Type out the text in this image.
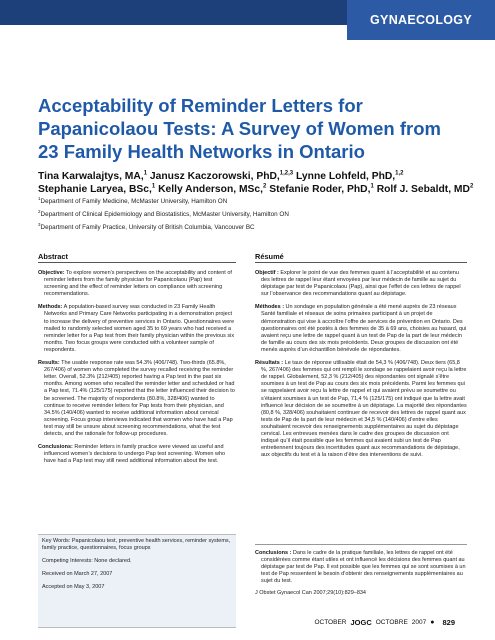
GYNAECOLOGY
Acceptability of Reminder Letters for
Papanicolaou Tests: A Survey of Women from
23 Family Health Networks in Ontario
Tina Karwalajtys, MA,$^1$ Janusz Kaczorowski, PhD,$^{1,2,3}$ Lynne Lohfeld, PhD,$^{1,2}$
Stephanie Laryea, BSc,$^1$ Kelly Anderson, MSc,$^2$ Stefanie Roder, PhD,$^1$ Rolf J. Sebaldt, $MD^2$
$^1$Department of Family Medicine, McMaster University, Hamilton ON
$^2$Department of Clinical Epidemiology and Biostatistics, McMaster University, Hamilton ON
$^3$Department of Family Practice, University of British Columbia, Vancouver BC
Abstract	Résumé

Objective: To explore women’s perspectives on the acceptability and content of reminder letters from the family physician for Papanicolaou (Pap) test screening and the effect of reminder letters on compliance with screening recommendations.

Methods: A population-based survey was conducted in 23 Family Health Networks and Primary Care Networks participating in a demonstration project to increase the delivery of preventive services in Ontario. Questionnaires were mailed to randomly selected women aged 35 to 69 years who had received a reminder letter for a Pap test from their family physician within the previous six months. Two focus groups were conducted with a volunteer sample of respondents.

Results: The usable response rate was 54.3% (406/748). Two-thirds (65.8%, 267/406) of women who completed the survey recalled receiving the reminder letter. Overall, 52.3% (212/405) reported having a Pap test in the past six months. Among women who recalled the reminder letter and scheduled or had a Pap test, 71.4% (125/175) reported that the letter influenced their decision to be screened. The majority of respondents (80.8%, 328/406) wanted to continue to receive reminder letters for Pap tests from their physician, and 34.5% (140/406) wanted to receive additional information about cervical screening. Focus group interviews indicated that women who have had a Pap test may still be unsure about screening recommendations, what the test detects, and the rationale for follow-up procedures.

Conclusions: Reminder letters in family practice were viewed as useful and influenced women’s decisions to undergo Pap test screening. Women who have had a Pap test may still need additional information about the test.

Key Words: Papanicolaou test, preventive health services, reminder systems, family practice, questionnaires, focus groups

Competing Interests: None declared.

Received on March 27, 2007

Accepted on May 3, 2007

Objectif : Explorer le point de vue des femmes quant à l’acceptabilité et au contenu des lettres de rappel leur étant envoyées par leur médecin de famille au sujet du dépistage par test de Papanicolaou (Pap), ainsi que l’effet de ces lettres de rappel sur l’observance des recommandations quant au dépistage.

Méthodes : Un sondage en population générale a été mené auprès de 23 réseaux Santé familiale et réseaux de soins primaires participant à un projet de démonstration qui vise à accroître l’offre de services de prévention en Ontario. Des questionnaires ont été postés à des femmes de 35 à 69 ans, choisies au hasard, qui avaient reçu une lettre de rappel quant à un test de Pap de la part de leur médecin de famille au cours des six mois précédents. Deux groupes de discussion ont été menés auprès d’un échantillon bénévole de répondantes.

Résultats : Le taux de réponse utilisable était de 54,3 % (406/748). Deux tiers (65,8 %, 267/406) des femmes qui ont rempli le sondage se rappelaient avoir reçu la lettre de rappel. Globalement, 52,3 % (212/405) des répondantes ont signalé s’être soumises à un test de Pap au cours des six mois précédents. Parmi les femmes qui se rappelaient avoir reçu la lettre de rappel et qui avaient prévu se soumettre ou s’étaient soumises à un test de Pap, 71,4 % (125/175) ont indiqué que la lettre avait influencé leur décision de se soumettre à un dépistage. La majorité des répondantes (80,8 %, 328/406) souhaitaient continuer de recevoir des lettres de rappel quant aux tests de Pap de la part de leur médecin et 34,5 % (140/406) d’entre elles souhaitaient recevoir des renseignements supplémentaires au sujet du dépistage cervical. Les entrevues menées dans le cadre des groupes de discussion ont indiqué qu’il était possible que les femmes qui avaient subi un test de Pap entretiennent toujours des incertitudes quant aux recommandations de dépistage, aux objectifs du test et à la raison d’être des interventions de suivi.

Conclusions : Dans le cadre de la pratique familiale, les lettres de rappel ont été considérées comme étant utiles et ont influencé les décisions des femmes quant au dépistage par test de Pap. Il est possible que les femmes qui se sont soumises à un test de Pap ressentent le besoin d’obtenir des renseignements supplémentaires au sujet du test.

J Obstet Gynaecol Can 2007;29(10):829–834

OCTOBER JOGC OCTOBRE 2007 ● 829
